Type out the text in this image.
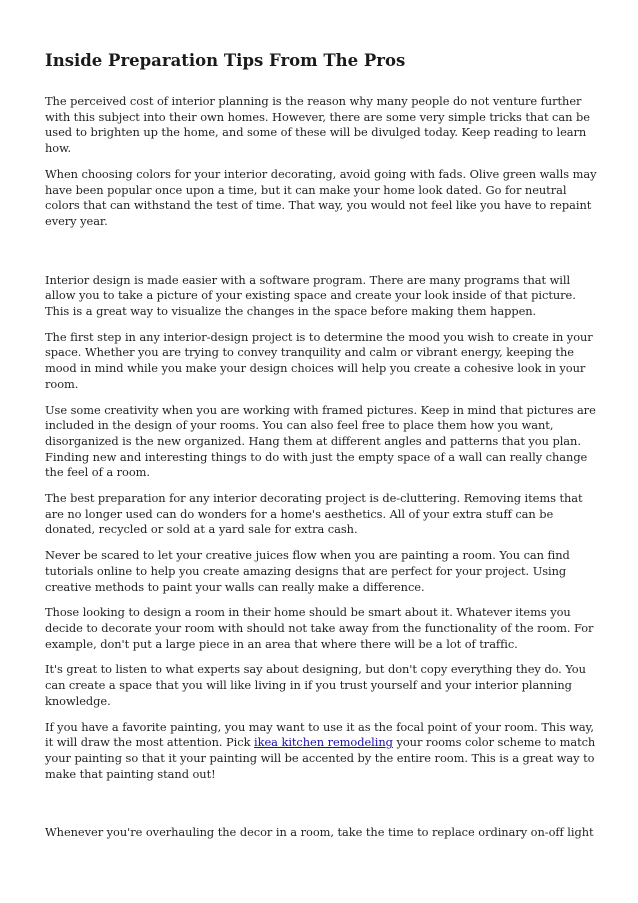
Inside Preparation Tips From The Pros

The perceived cost of interior planning is the reason why many people do not venture further with this subject into their own homes. However, there are some very simple tricks that can be used to brighten up the home, and some of these will be divulged today. Keep reading to learn how.

When choosing colors for your interior decorating, avoid going with fads. Olive green walls may have been popular once upon a time, but it can make your home look dated. Go for neutral colors that can withstand the test of time. That way, you would not feel like you have to repaint every year.

Interior design is made easier with a software program. There are many programs that will allow you to take a picture of your existing space and create your look inside of that picture. This is a great way to visualize the changes in the space before making them happen.

The first step in any interior-design project is to determine the mood you wish to create in your space. Whether you are trying to convey tranquility and calm or vibrant energy, keeping the mood in mind while you make your design choices will help you create a cohesive look in your room.

Use some creativity when you are working with framed pictures. Keep in mind that pictures are included in the design of your rooms. You can also feel free to place them how you want, disorganized is the new organized. Hang them at different angles and patterns that you plan. Finding new and interesting things to do with just the empty space of a wall can really change the feel of a room.

The best preparation for any interior decorating project is de-cluttering. Removing items that are no longer used can do wonders for a home's aesthetics. All of your extra stuff can be donated, recycled or sold at a yard sale for extra cash.

Never be scared to let your creative juices flow when you are painting a room. You can find tutorials online to help you create amazing designs that are perfect for your project. Using creative methods to paint your walls can really make a difference.

Those looking to design a room in their home should be smart about it. Whatever items you decide to decorate your room with should not take away from the functionality of the room. For example, don't put a large piece in an area that where there will be a lot of traffic.

It's great to listen to what experts say about designing, but don't copy everything they do. You can create a space that you will like living in if you trust yourself and your interior planning knowledge.

If you have a favorite painting, you may want to use it as the focal point of your room. This way, it will draw the most attention. Pick ikea kitchen remodeling your rooms color scheme to match your painting so that it your painting will be accented by the entire room. This is a great way to make that painting stand out!

Whenever you're overhauling the decor in a room, take the time to replace ordinary on-off light
